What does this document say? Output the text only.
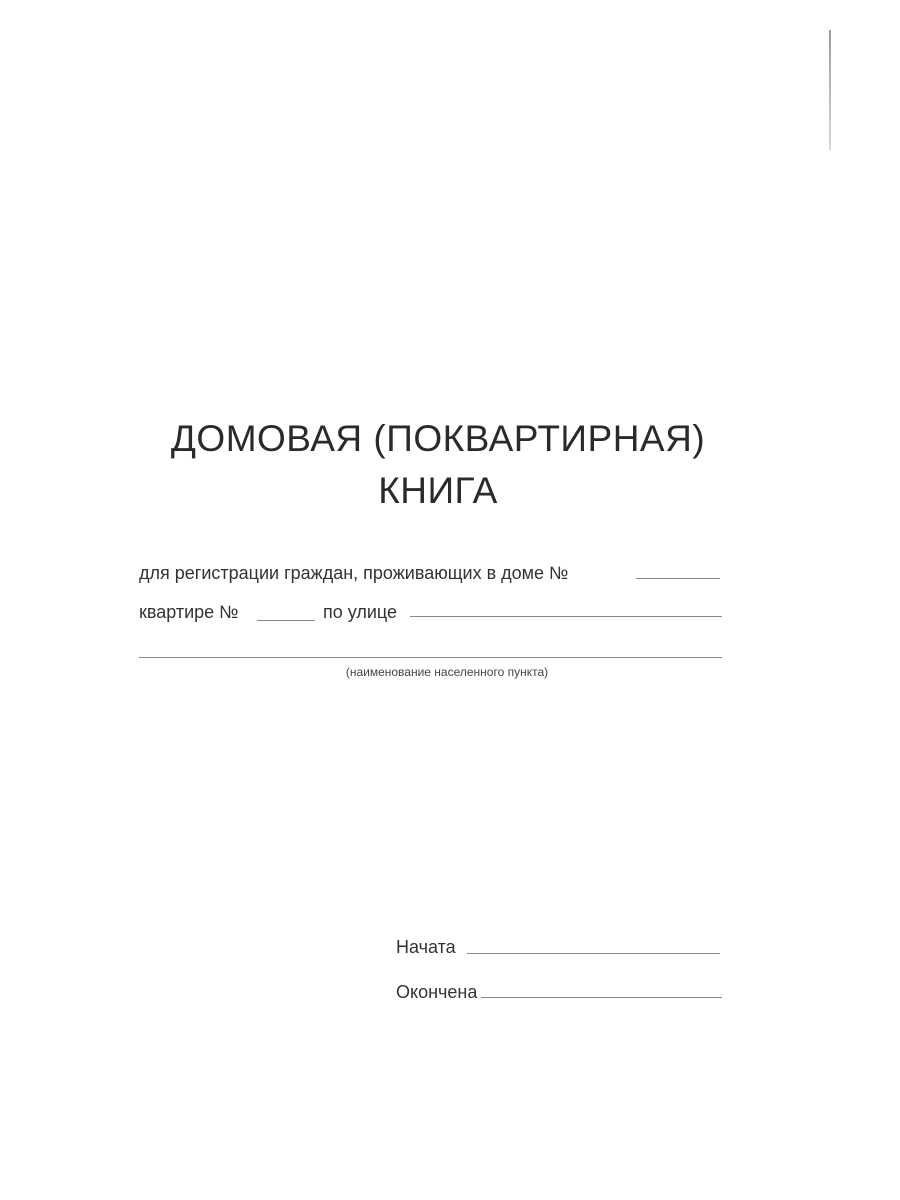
ДОМОВАЯ (ПОКВАРТИРНАЯ)
КНИГА
для регистрации граждан, проживающих в доме №
квартире №	по улице
(наименование населенного пункта)
Начата
Окончена
